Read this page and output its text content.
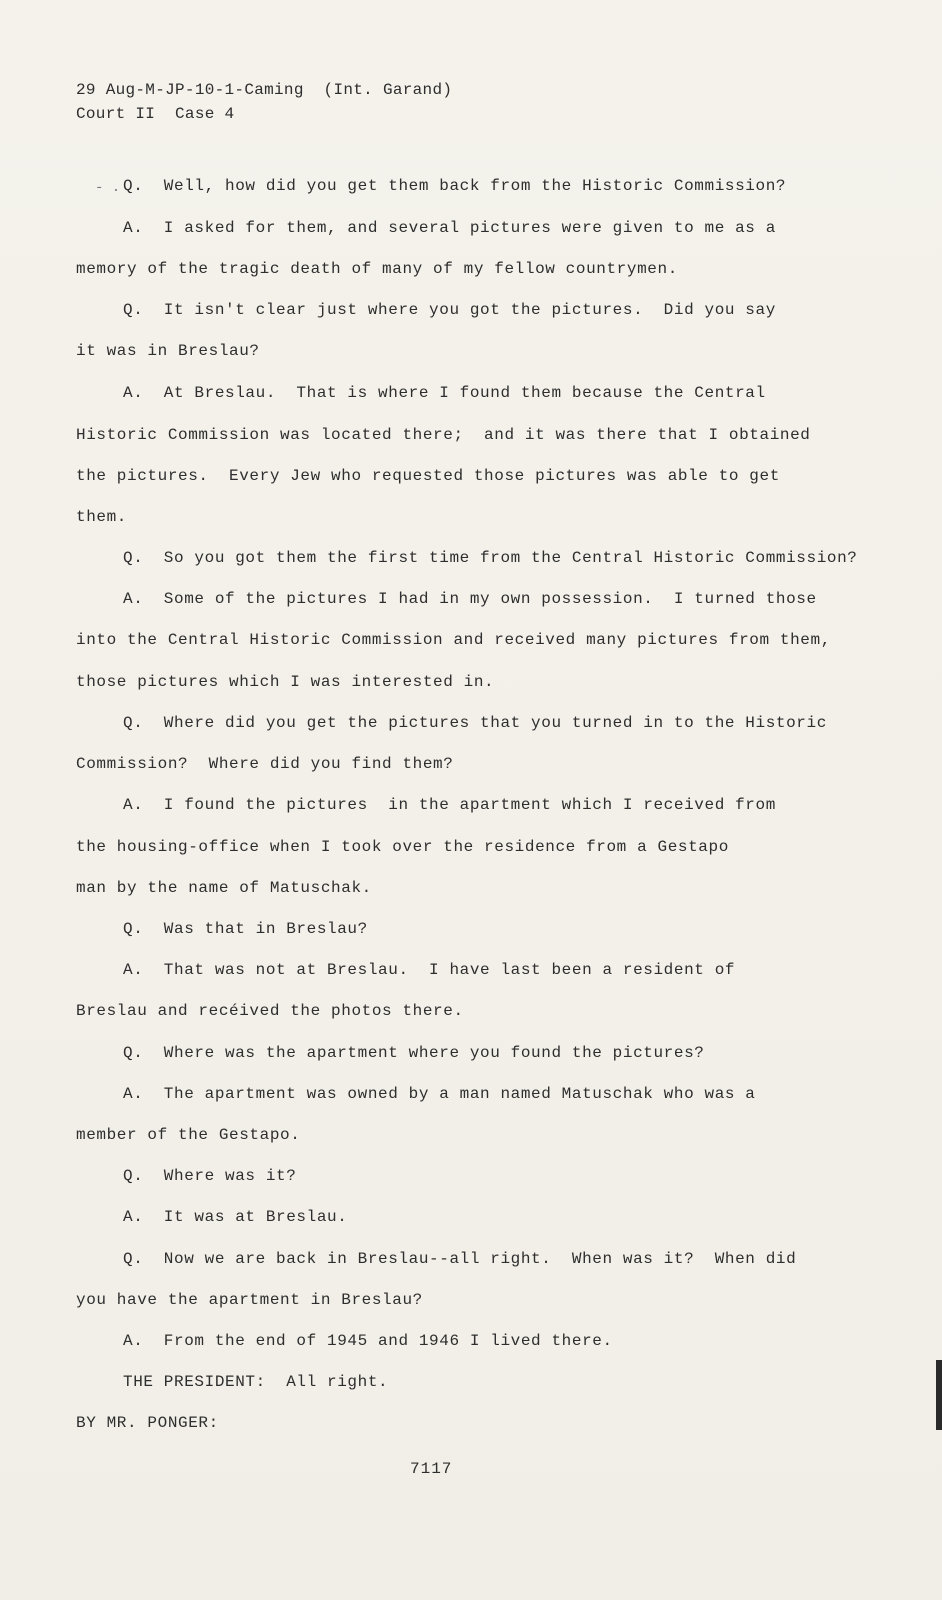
29 Aug-M-JP-10-1-Caming  (Int. Garand)
Court II  Case 4
- . Q.  Well, how did you get them back from the Historic Commission?
A.  I asked for them, and several pictures were given to me as a
memory of the tragic death of many of my fellow countrymen.
Q.  It isn't clear just where you got the pictures.  Did you say
it was in Breslau?
A.  At Breslau.  That is where I found them because the Central
Historic Commission was located there;  and it was there that I obtained
the pictures.  Every Jew who requested those pictures was able to get
them.
Q.  So you got them the first time from the Central Historic Commission?
A.  Some of the pictures I had in my own possession.  I turned those
into the Central Historic Commission and received many pictures from them,
those pictures which I was interested in.
Q.  Where did you get the pictures that you turned in to the Historic
Commission?  Where did you find them?
A.  I found the pictures  in the apartment which I received from
the housing-office when I took over the residence from a Gestapo
man by the name of Matuschak.
Q.  Was that in Breslau?
A.  That was not at Breslau.  I have last been a resident of
Breslau and recéived the photos there.
Q.  Where was the apartment where you found the pictures?
A.  The apartment was owned by a man named Matuschak who was a
member of the Gestapo.
Q.  Where was it?
A.  It was at Breslau.
Q.  Now we are back in Breslau--all right.  When was it?  When did
you have the apartment in Breslau?
A.  From the end of 1945 and 1946 I lived there.
THE PRESIDENT:  All right.
BY MR. PONGER:
7117
